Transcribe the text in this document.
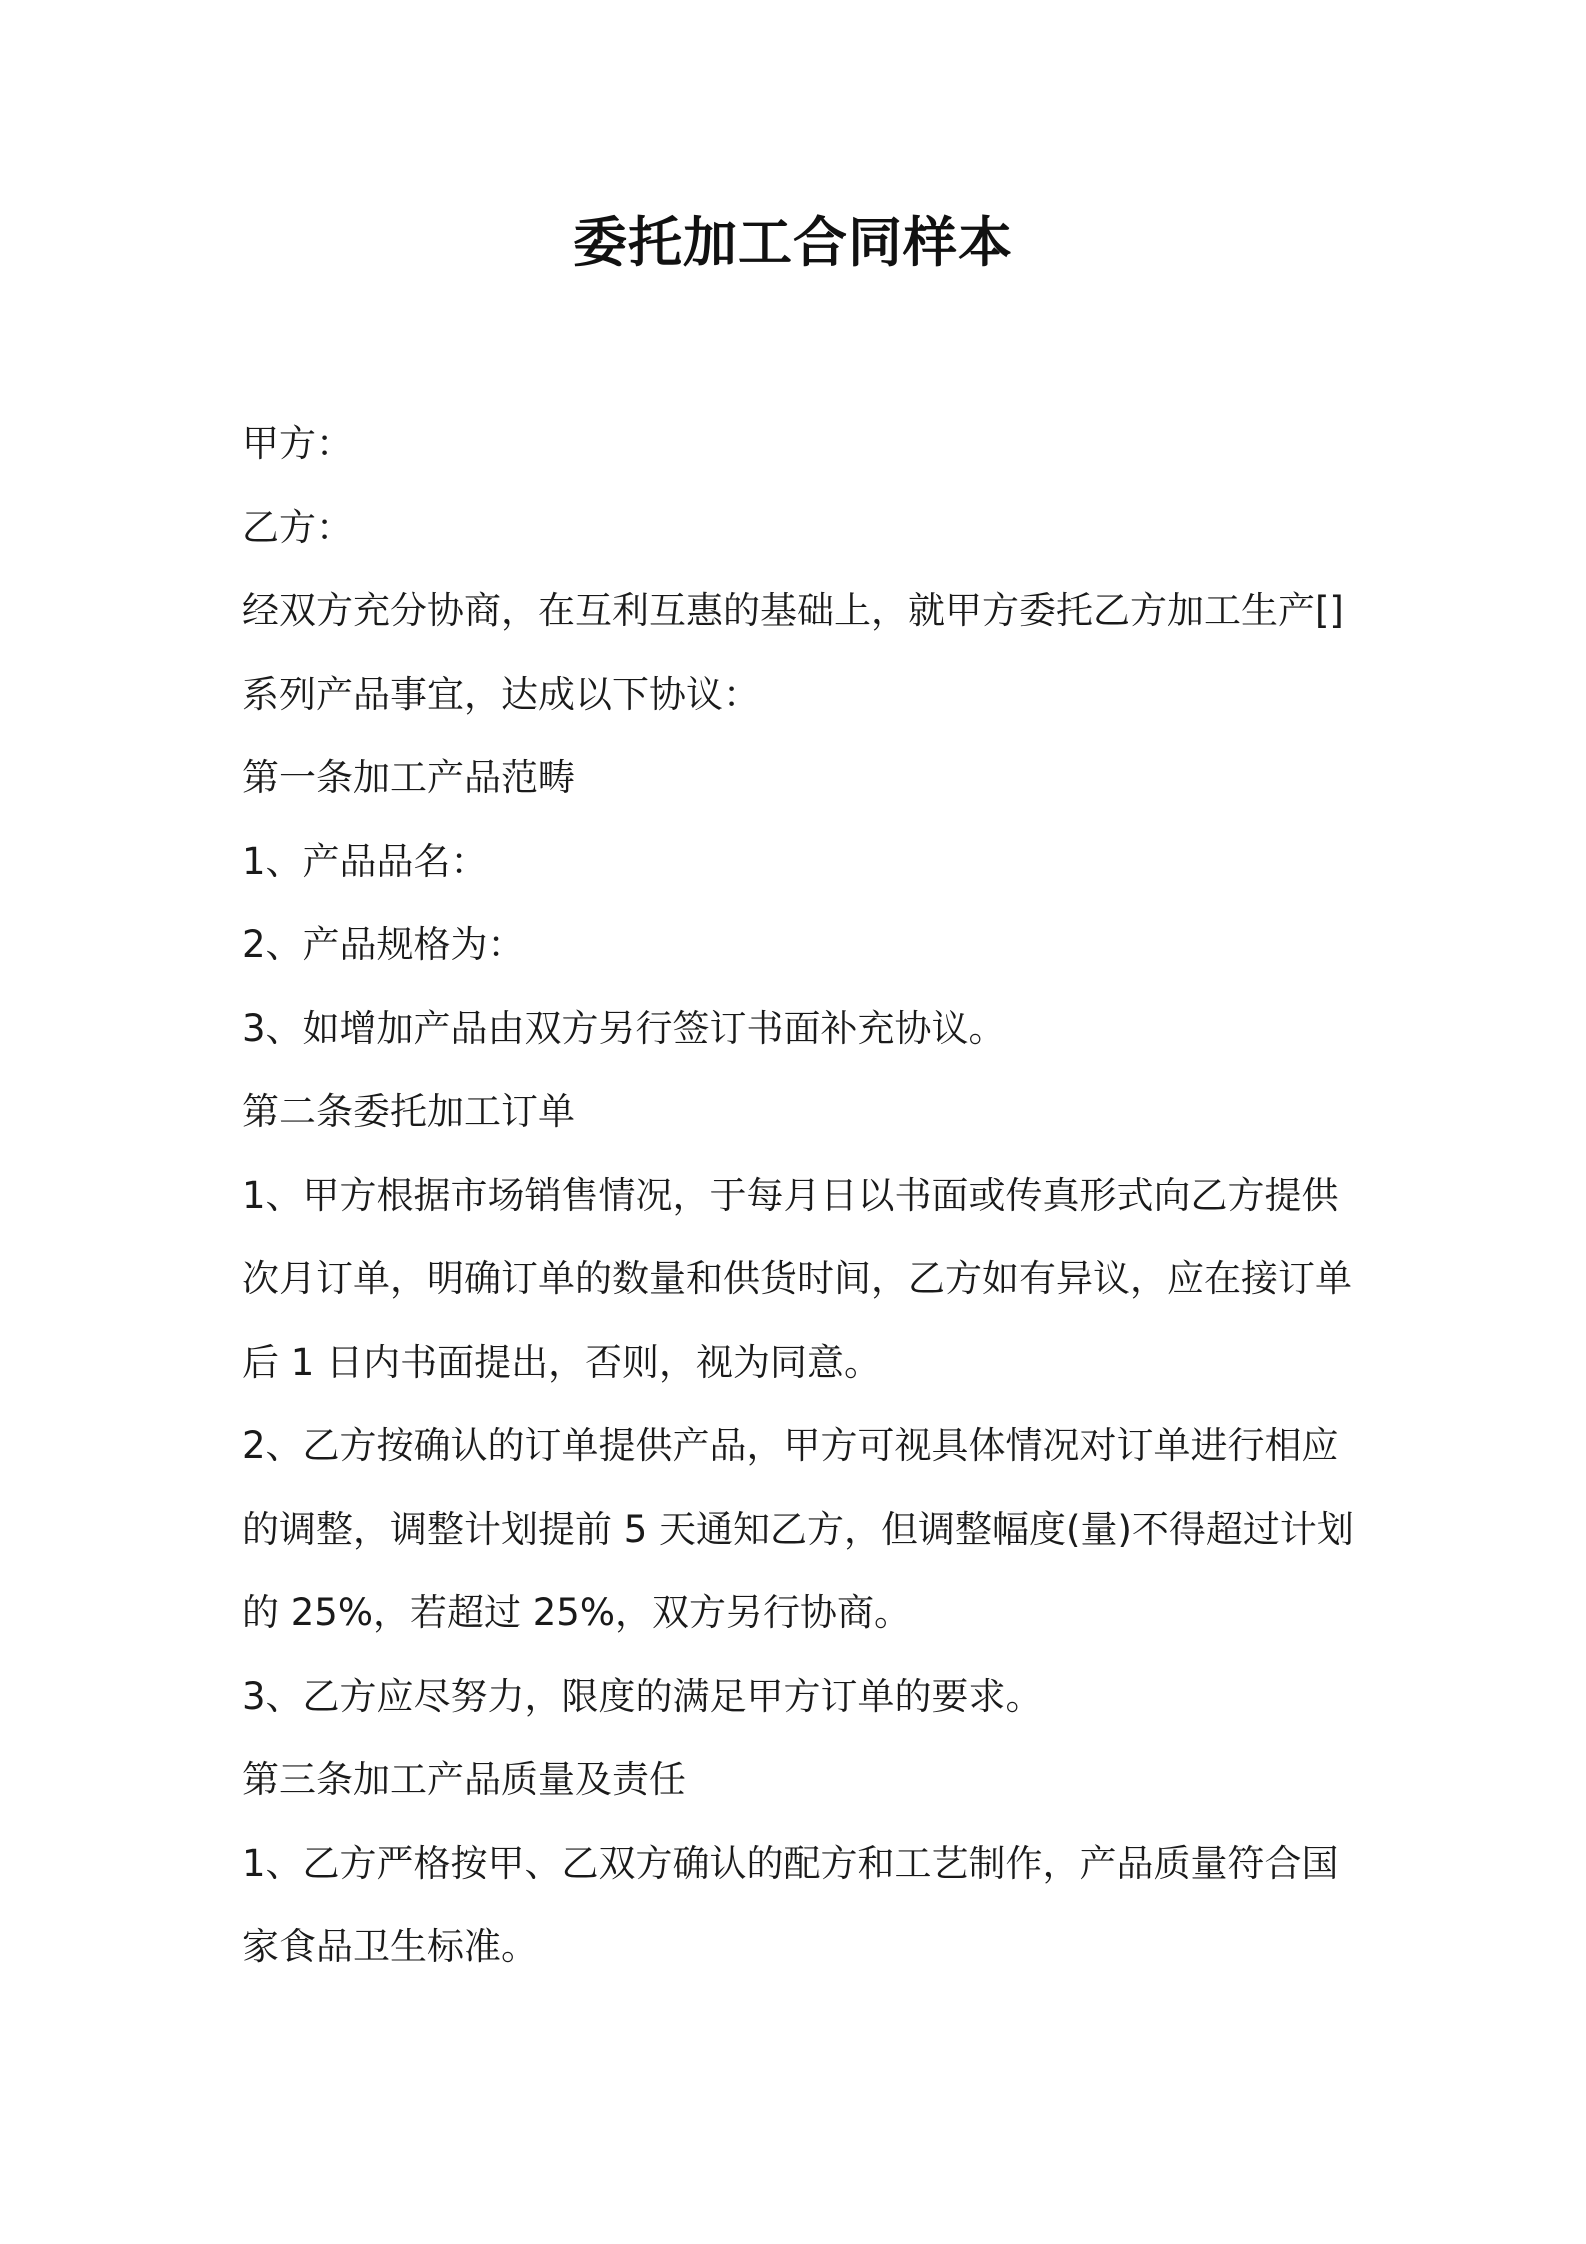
委托加工合同样本
甲方：
乙方：
经双方充分协商，在互利互惠的基础上，就甲方委托乙方加工生产[]
系列产品事宜，达成以下协议：
第一条加工产品范畴
1、产品品名：
2、产品规格为：
3、如增加产品由双方另行签订书面补充协议。
第二条委托加工订单
1、甲方根据市场销售情况，于每月日以书面或传真形式向乙方提供
次月订单，明确订单的数量和供货时间，乙方如有异议，应在接订单
后 1 日内书面提出，否则，视为同意。
2、乙方按确认的订单提供产品，甲方可视具体情况对订单进行相应
的调整，调整计划提前 5 天通知乙方，但调整幅度(量)不得超过计划
的 25%，若超过 25%，双方另行协商。
3、乙方应尽努力，限度的满足甲方订单的要求。
第三条加工产品质量及责任
1、乙方严格按甲、乙双方确认的配方和工艺制作，产品质量符合国
家食品卫生标准。
